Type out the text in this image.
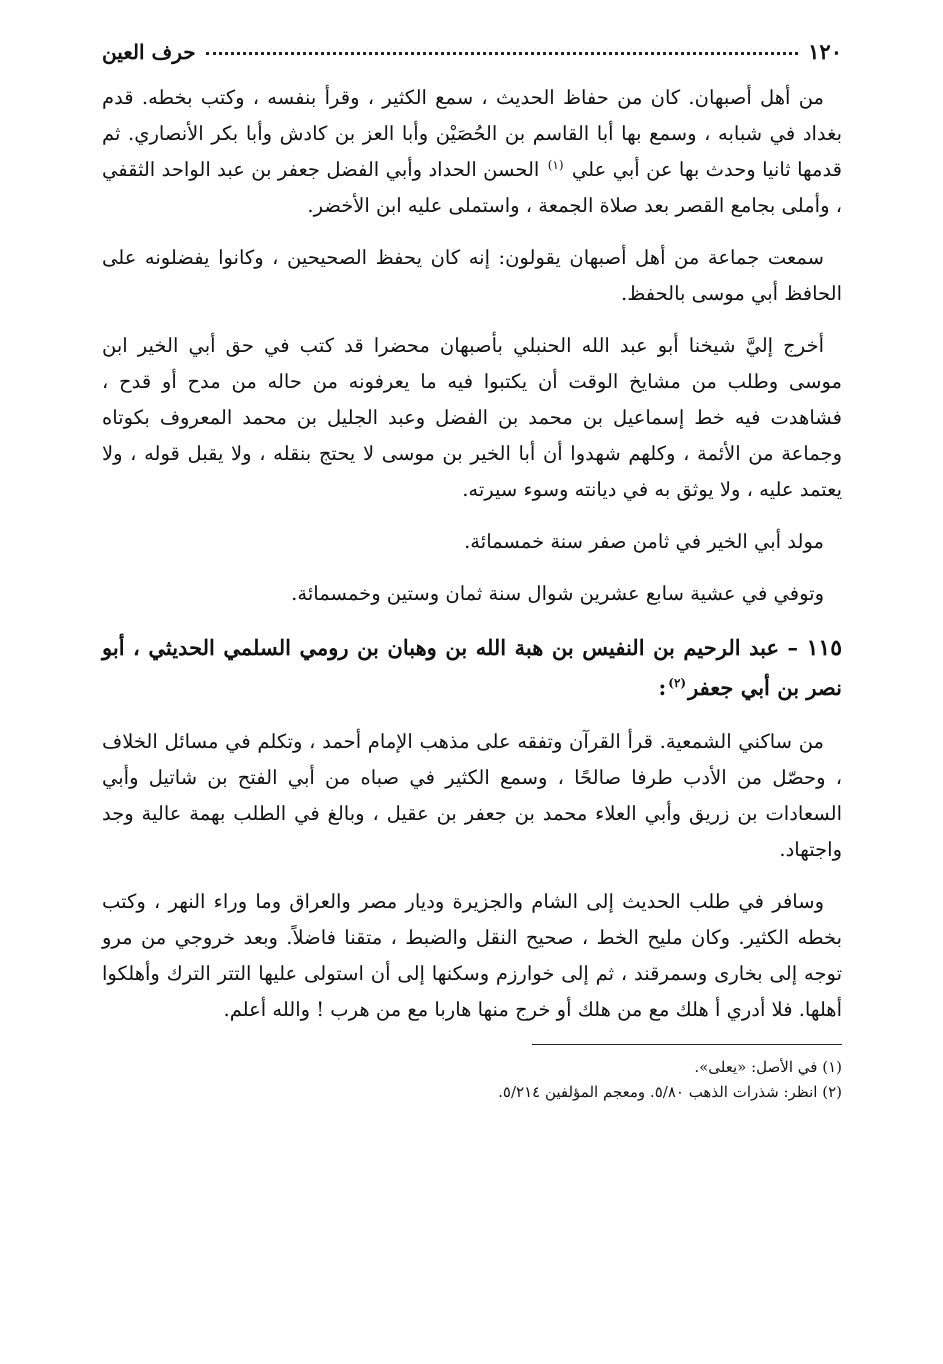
١٢٠
حرف العين

من أهل أصبهان. كان من حفاظ الحديث ، سمع الكثير ، وقرأ بنفسه ، وكتب بخطه. قدم بغداد في شبابه ، وسمع بها أبا القاسم بن الحُصَيْن وأبا العز بن كادش وأبا بكر الأنصاري. ثم قدمها ثانيا وحدث بها عن أبي علي $^{(١)}$ الحسن الحداد وأبي الفضل جعفر بن عبد الواحد الثقفي ، وأملى بجامع القصر بعد صلاة الجمعة ، واستملى عليه ابن الأخضر.

سمعت جماعة من أهل أصبهان يقولون: إنه كان يحفظ الصحيحين ، وكانوا يفضلونه على الحافظ أبي موسى بالحفظ.

أخرج إليَّ شيخنا أبو عبد الله الحنبلي بأصبهان محضرا قد كتب في حق أبي الخير ابن موسى وطلب من مشايخ الوقت أن يكتبوا فيه ما يعرفونه من حاله من مدح أو قدح ، فشاهدت فيه خط إسماعيل بن محمد بن الفضل وعبد الجليل بن محمد المعروف بكوتاه وجماعة من الأئمة ، وكلهم شهدوا أن أبا الخير بن موسى لا يحتج بنقله ، ولا يقبل قوله ، ولا يعتمد عليه ، ولا يوثق به في ديانته وسوء سيرته.

مولد أبي الخير في ثامن صفر سنة خمسمائة.

وتوفي في عشية سابع عشرين شوال سنة ثمان وستين وخمسمائة.

١١٥ – عبد الرحيم بن النفيس بن هبة الله بن وهبان بن رومي السلمي الحديثي ، أبو نصر بن أبي جعفر$^{(٢)}$:

من ساكني الشمعية. قرأ القرآن وتفقه على مذهب الإمام أحمد ، وتكلم في مسائل الخلاف ، وحصّل من الأدب طرفا صالحًا ، وسمع الكثير في صباه من أبي الفتح بن شاتيل وأبي السعادات بن زريق وأبي العلاء محمد بن جعفر بن عقيل ، وبالغ في الطلب بهمة عالية وجد واجتهاد.

وسافر في طلب الحديث إلى الشام والجزيرة وديار مصر والعراق وما وراء النهر ، وكتب بخطه الكثير. وكان مليح الخط ، صحيح النقل والضبط ، متقنا فاضلاً. وبعد خروجي من مرو توجه إلى بخارى وسمرقند ، ثم إلى خوارزم وسكنها إلى أن استولى عليها التتر الترك وأهلكوا أهلها. فلا أدري أ هلك مع من هلك أو خرج منها هاربا مع من هرب ! والله أعلم.

(١) في الأصل: «يعلى».

(٢) انظر: شذرات الذهب ٥/٨٠. ومعجم المؤلفين ٥/٢١٤.
